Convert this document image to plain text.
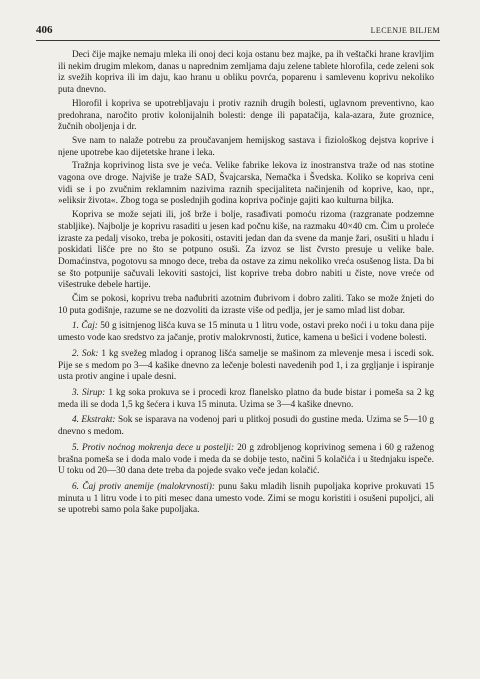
406	LECENJE BILJEM

Deci čije majke nemaju mleka ili onoj deci koja ostanu bez majke, pa ih veštački hrane kravljim ili nekim drugim mlekom, danas u naprednim zemljama daju zelene tablete hlorofila, cede zeleni sok iz svežih kopriva ili im daju, kao hranu u obliku povrća, poparenu i samlevenu koprivu nekoliko puta dnevno.

Hlorofil i kopriva se upotrebljavaju i protiv raznih drugih bolesti, uglavnom preventivno, kao predohrana, naročito protiv kolonijalnih bolesti: denge ili papatačija, kala-azara, žute groznice, žučnih oboljenja i dr.

Sve nam to nalaže potrebu za proučavanjem hemijskog sastava i fiziološkog dejstva koprive i njene upotrebe kao dijetetske hrane i leka.

Tražnja koprivinog lista sve je veća. Velike fabrike lekova iz inostranstva traže od nas stotine vagona ove droge. Najviše je traže SAD, Švajcarska, Nemačka i Švedska. Koliko se kopriva ceni vidi se i po zvučnim reklamnim nazivima raznih specijaliteta načinjenih od koprive, kao, npr., »eliksir života«. Zbog toga se poslednjih godina kopriva počinje gajiti kao kulturna biljka.

Kopriva se može sejati ili, još brže i bolje, rasađivati pomoću rizoma (razgranate podzemne stabljike). Najbolje je koprivu rasaditi u jesen kad počnu kiše, na razmaku 40×40 cm. Čim u proleće izraste za pedalj visoko, treba je pokositi, ostaviti jedan dan da svene da manje žari, osušiti u hladu i poskidati lišće pre no što se potpuno osuši. Za izvoz se list čvrsto presuje u velike bale. Domaćinstva, pogotovu sa mnogo dece, treba da ostave za zimu nekoliko vreća osušenog lista. Da bi se što potpunije sačuvali lekoviti sastojci, list koprive treba dobro nabiti u čiste, nove vreće od višestruke debele hartije.

Čim se pokosi, koprivu treba nađubriti azotnim đubrivom i dobro zaliti. Tako se može žnjeti do 10 puta godišnje, razume se ne dozvoliti da izraste više od pedlja, jer je samo mlad list dobar.

1. Čaj: 50 g isitnjenog lišća kuva se 15 minuta u 1 litru vode, ostavi preko noći i u toku dana pije umesto vode kao sredstvo za jačanje, protiv malokrvnosti, žutice, kamena u bešici i vodene bolesti.

2. Sok: 1 kg svežeg mladog i opranog lišća samelje se mašinom za mlevenje mesa i iscedi sok. Pije se s medom po 3—4 kašike dnevno za lečenje bolesti navedenih pod 1, i za grgljanje i ispiranje usta protiv angine i upale desni.

3. Sirup: 1 kg soka prokuva se i procedi kroz flanelsko platno da bude bistar i pomeša sa 2 kg meda ili se doda 1,5 kg šećera i kuva 15 minuta. Uzima se 3—4 kašike dnevno.

4. Ekstrakt: Sok se isparava na vodenoj pari u plitkoj posudi do gustine meda. Uzima se 5—10 g dnevno s medom.

5. Protiv noćnog mokrenja dece u postelji: 20 g zdrobljenog koprivinog semena i 60 g raženog brašna pomeša se i doda malo vode i meda da se dobije testo, načini 5 kolačića i u štednjaku ispeče. U toku od 20—30 dana dete treba da pojede svako veče jedan kolačić.

6. Čaj protiv anemije (malokrvnosti): punu šaku mladih lisnih pupoljaka koprive prokuvati 15 minuta u 1 litru vode i to piti mesec dana umesto vode. Zimi se mogu koristiti i osušeni pupoljci, ali se upotrebi samo pola šake pupoljaka.
